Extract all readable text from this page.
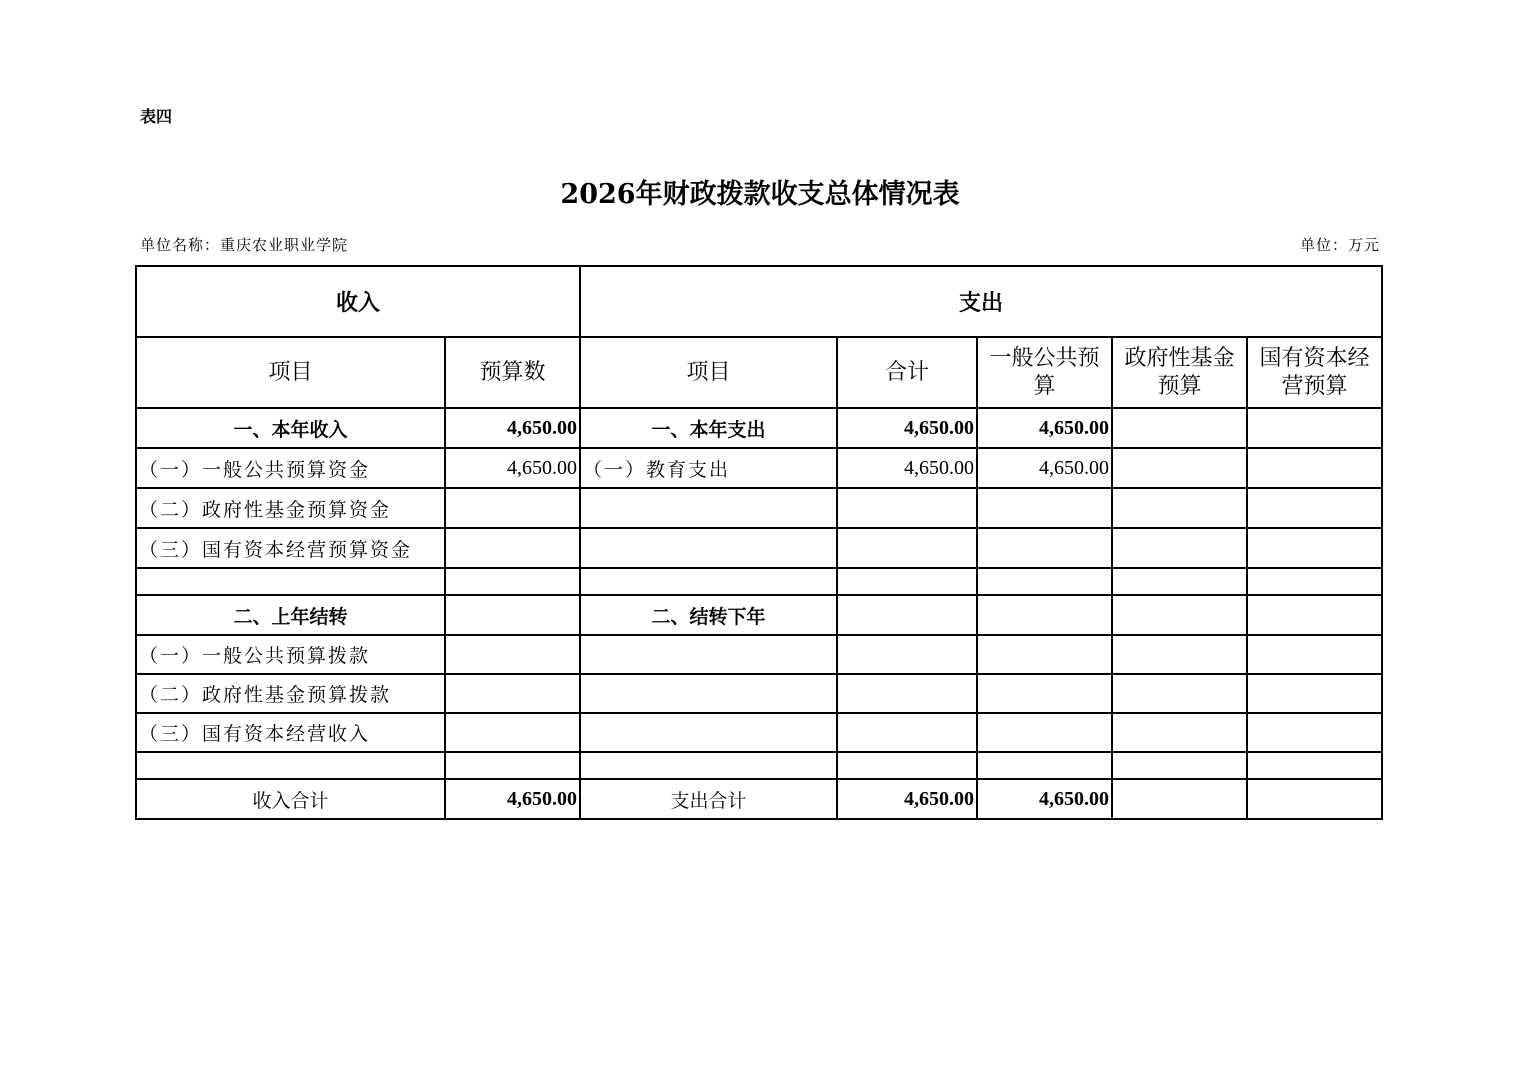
表四
2026年财政拨款收支总体情况表
单位名称：重庆农业职业学院	单位：万元
收入		支出				
项目	预算数	项目	合计	一般公共预算	政府性基金预算	国有资本经营预算
一、本年收入	4,650.00	一、本年支出	4,650.00	4,650.00		
（一）一般公共预算资金	4,650.00	（一）教育支出	4,650.00	4,650.00		
（二）政府性基金预算资金						
（三）国有资本经营预算资金						

二、上年结转		二、结转下年				
（一）一般公共预算拨款						
（二）政府性基金预算拨款						
（三）国有资本经营收入						

收入合计	4,650.00	支出合计	4,650.00	4,650.00		
